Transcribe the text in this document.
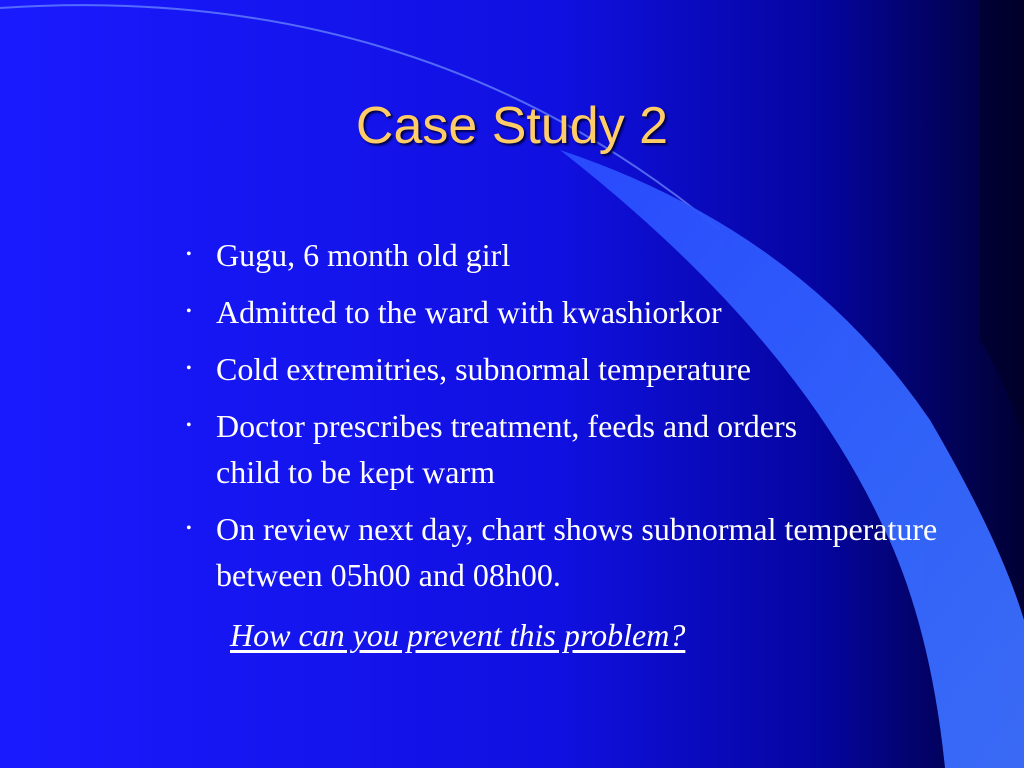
Case Study 2
• Gugu, 6 month old girl
• Admitted to the ward with kwashiorkor
• Cold extremitries, subnormal temperature
• Doctor prescribes treatment, feeds and orders child to be kept warm
• On review next day, chart shows subnormal temperature between 05h00 and 08h00.
How can you prevent this problem?
